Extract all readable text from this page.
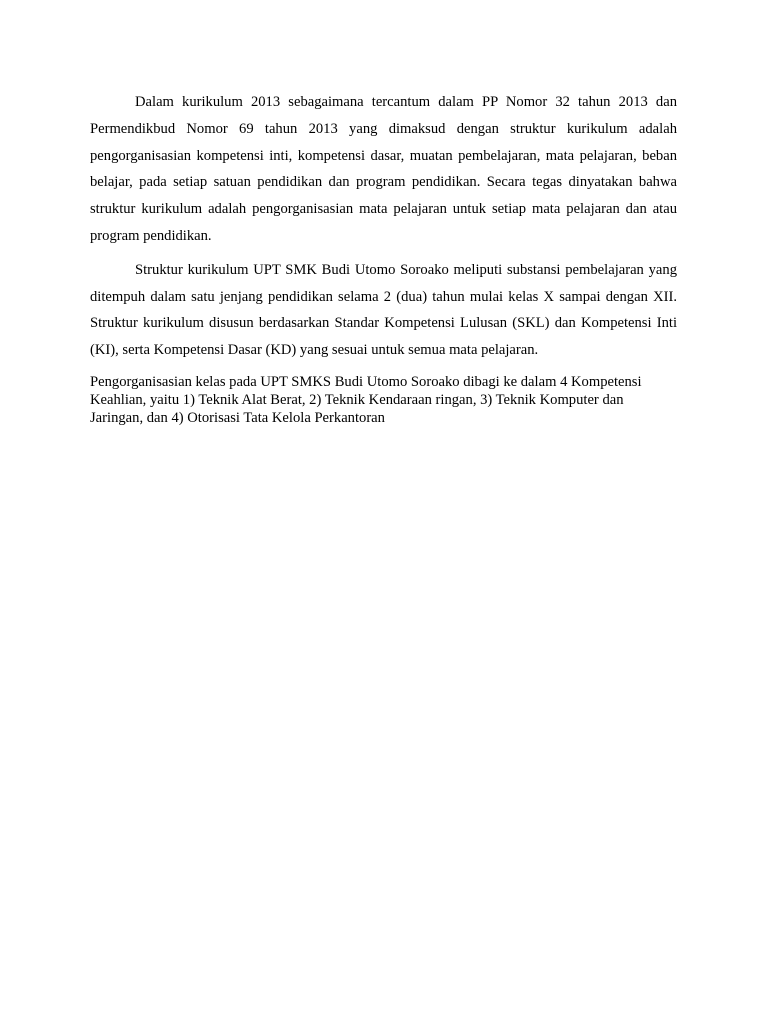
Dalam kurikulum 2013 sebagaimana tercantum dalam PP Nomor 32 tahun 2013 dan Permendikbud Nomor 69 tahun 2013 yang dimaksud dengan struktur kurikulum adalah pengorganisasian kompetensi inti, kompetensi dasar, muatan pembelajaran, mata pelajaran, beban belajar, pada setiap satuan pendidikan dan program pendidikan. Secara tegas dinyatakan bahwa struktur kurikulum adalah pengorganisasian mata pelajaran untuk setiap mata pelajaran dan atau program pendidikan.

Struktur kurikulum UPT SMK Budi Utomo Soroako meliputi substansi pembelajaran yang ditempuh dalam satu jenjang pendidikan selama 2 (dua) tahun mulai kelas X sampai dengan XII. Struktur kurikulum disusun berdasarkan Standar Kompetensi Lulusan (SKL) dan Kompetensi Inti (KI), serta Kompetensi Dasar (KD) yang sesuai untuk semua mata pelajaran.

Pengorganisasian kelas pada UPT SMKS Budi Utomo Soroako dibagi ke dalam 4 Kompetensi Keahlian, yaitu 1) Teknik Alat Berat, 2) Teknik Kendaraan ringan, 3) Teknik Komputer dan Jaringan, dan 4) Otorisasi Tata Kelola Perkantoran
